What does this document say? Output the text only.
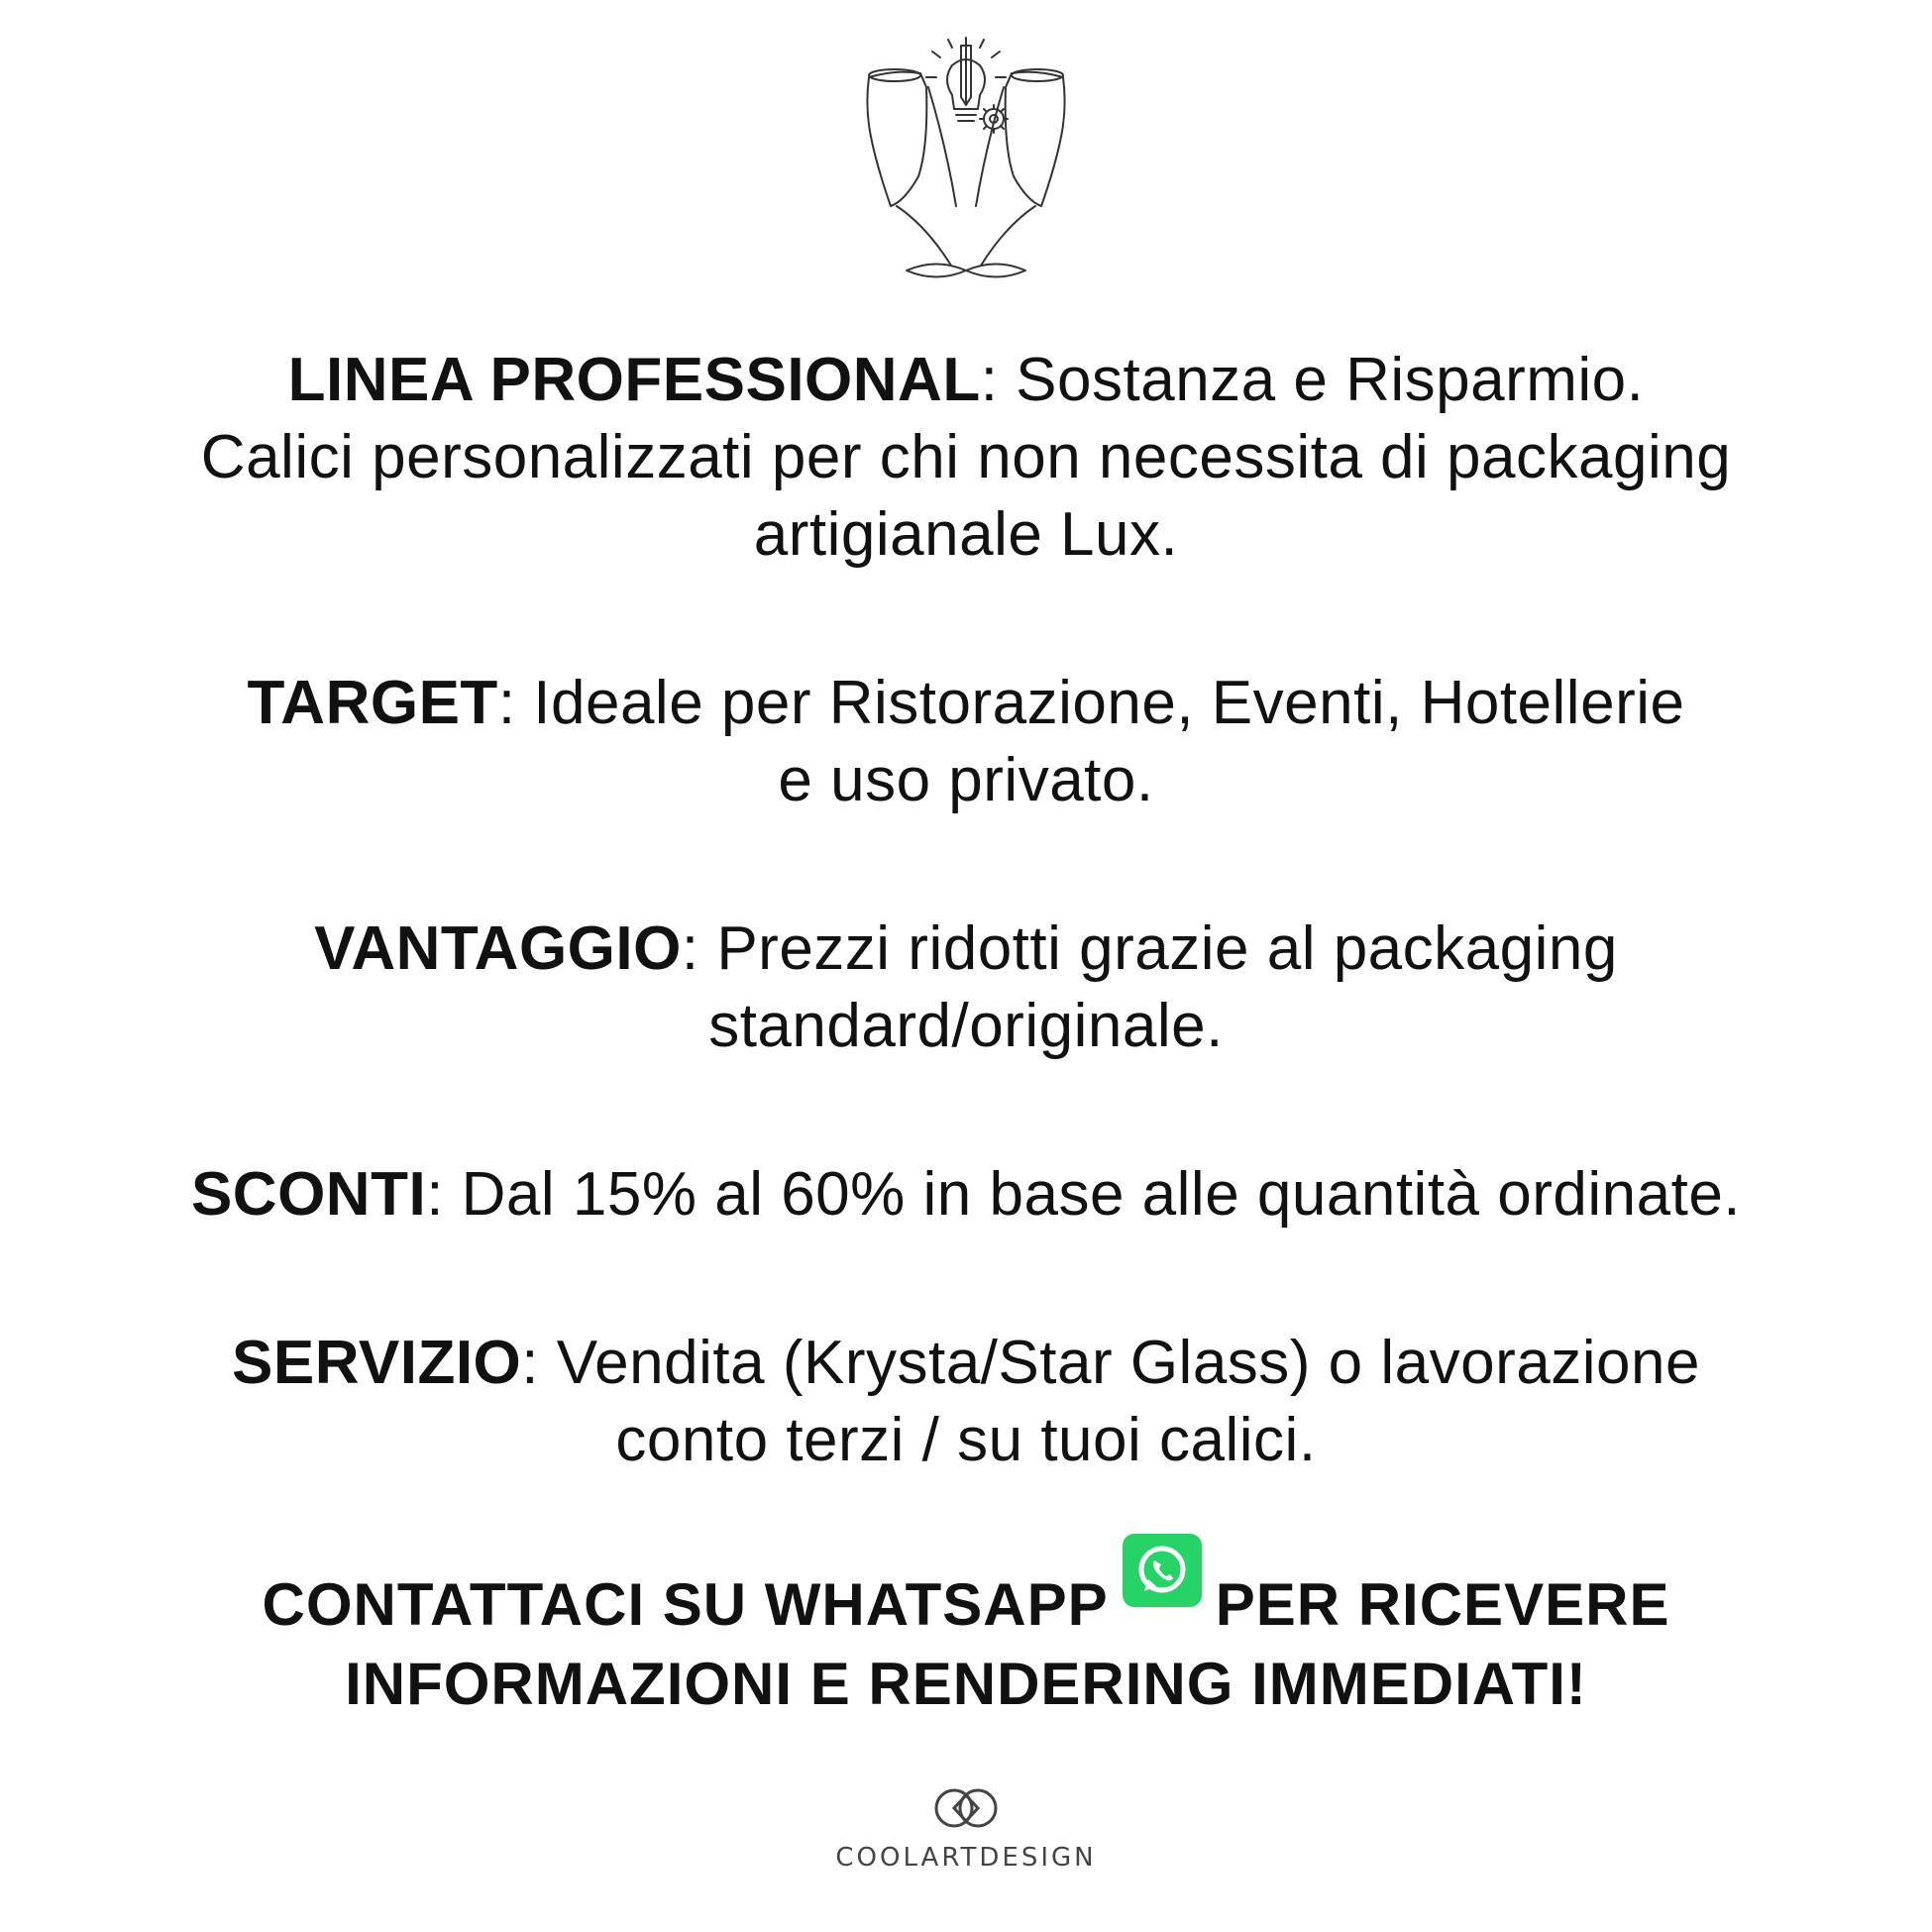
LINEA PROFESSIONAL: Sostanza e Risparmio.
Calici personalizzati per chi non necessita di packaging
artigianale Lux.

TARGET: Ideale per Ristorazione, Eventi, Hotellerie
e uso privato.

VANTAGGIO: Prezzi ridotti grazie al packaging
standard/originale.

SCONTI: Dal 15% al 60% in base alle quantità ordinate.

SERVIZIO: Vendita (Krysta/Star Glass) o lavorazione
conto terzi / su tuoi calici.

CONTATTACI SU WHATSAPP PER RICEVERE
INFORMAZIONI E RENDERING IMMEDIATI!
COOLARTDESIGN
